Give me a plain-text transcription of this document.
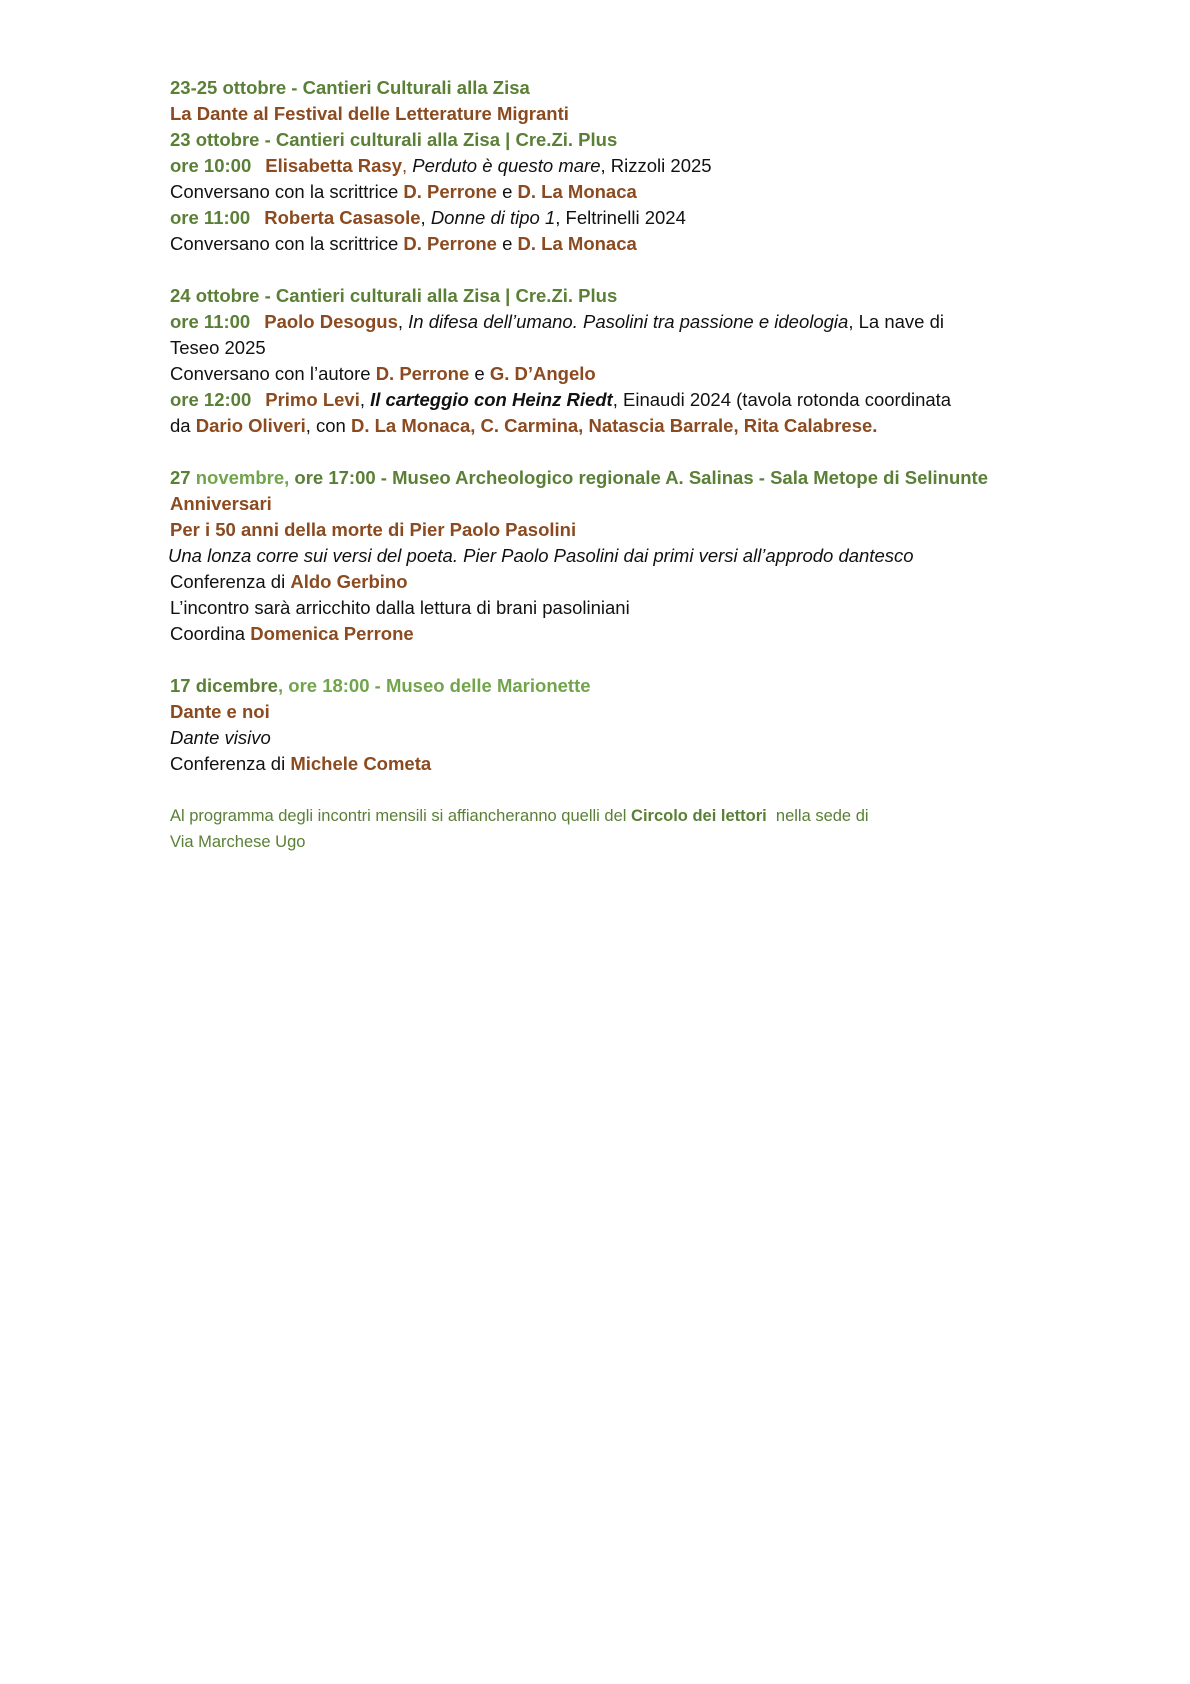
23-25 ottobre - Cantieri Culturali alla Zisa
La Dante al Festival delle Letterature Migranti
23 ottobre - Cantieri culturali alla Zisa | Cre.Zi. Plus
ore 10:00 Elisabetta Rasy, Perduto è questo mare, Rizzoli 2025
Conversano con la scrittrice D. Perrone e D. La Monaca
ore 11:00 Roberta Casasole, Donne di tipo 1, Feltrinelli 2024
Conversano con la scrittrice D. Perrone e D. La Monaca
24 ottobre - Cantieri culturali alla Zisa | Cre.Zi. Plus
ore 11:00 Paolo Desogus, In difesa dell’umano. Pasolini tra passione e ideologia, La nave di
Teseo 2025
Conversano con l’autore D. Perrone e G. D’Angelo
ore 12:00 Primo Levi, Il carteggio con Heinz Riedt, Einaudi 2024 (tavola rotonda coordinata
da Dario Oliveri, con D. La Monaca, C. Carmina, Natascia Barrale, Rita Calabrese.
27 novembre, ore 17:00 - Museo Archeologico regionale A. Salinas - Sala Metope di Selinunte
Anniversari
Per i 50 anni della morte di Pier Paolo Pasolini
Una lonza corre sui versi del poeta. Pier Paolo Pasolini dai primi versi all’approdo dantesco
Conferenza di Aldo Gerbino
L’incontro sarà arricchito dalla lettura di brani pasoliniani
Coordina Domenica Perrone
17 dicembre, ore 18:00 - Museo delle Marionette
Dante e noi
Dante visivo
Conferenza di Michele Cometa
Al programma degli incontri mensili si affiancheranno quelli del Circolo dei lettori  nella sede di
Via Marchese Ugo
